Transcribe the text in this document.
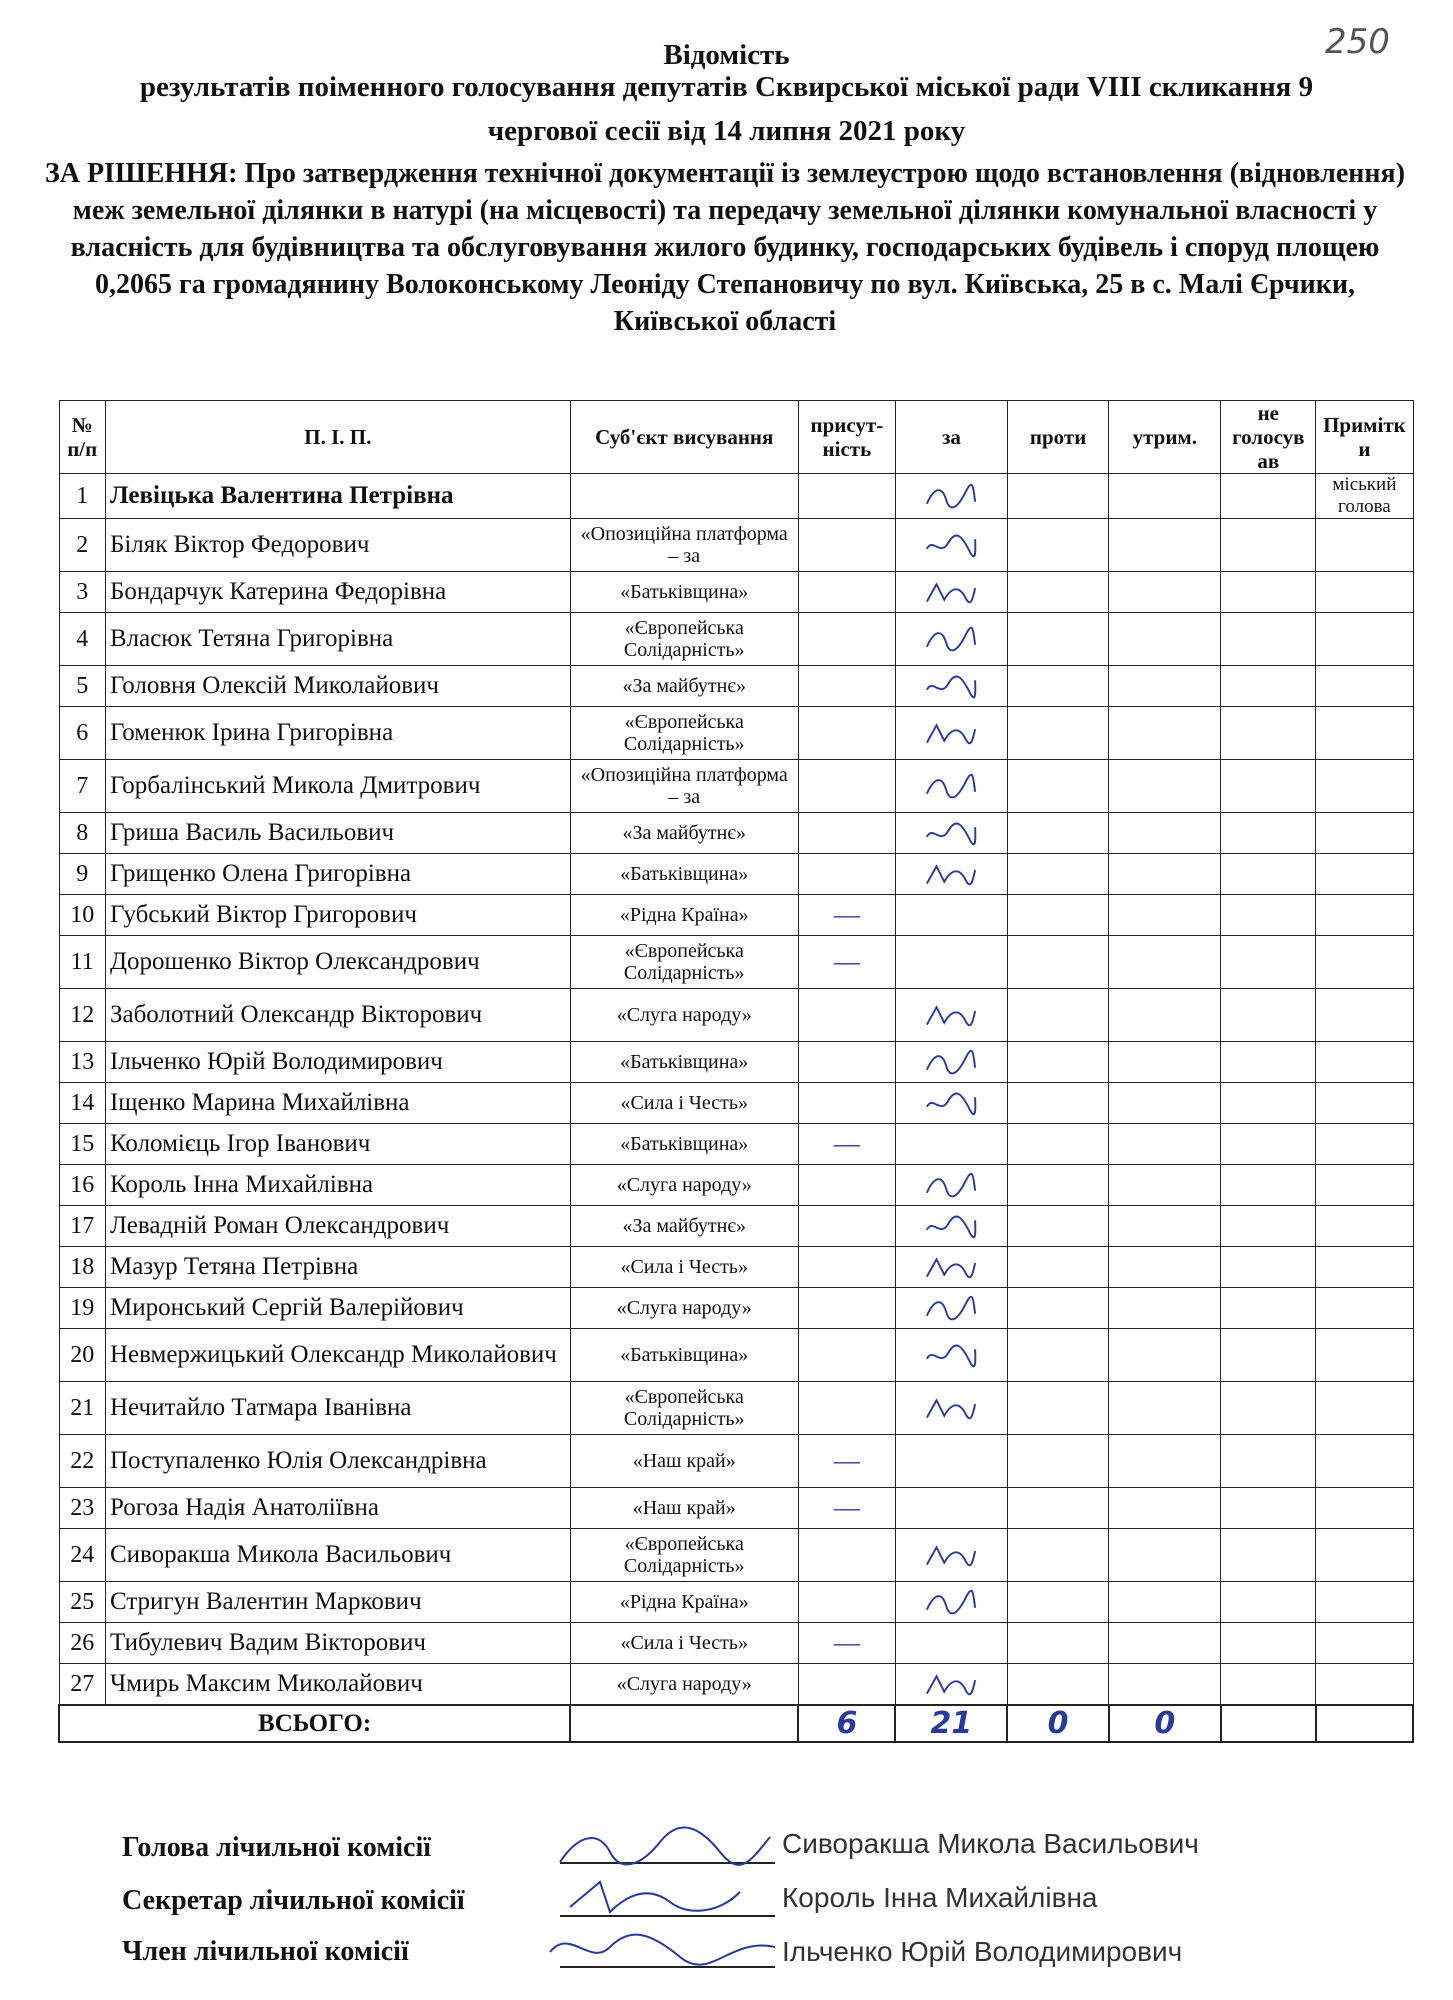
250
Відомість
результатів поіменного голосування депутатів Сквирської міської ради VIII скликання 9
чергової сесії від 14 липня 2021 року
ЗА РІШЕННЯ: Про затвердження технічної документації із землеустрою щодо встановлення (відновлення) меж земельної ділянки в натурі (на місцевості) та передачу земельної ділянки комунальної власності у власність для будівництва та обслуговування жилого будинку, господарських будівель і споруд площею 0,2065 га громадянину Волоконському Леоніду Степановичу по вул. Київська, 25 в с. Малі Єрчики, Київської області
№ п/п	П. І. П.	Суб'єкт висування	присут-ність	за	проти	утрим.	не голосув ав	Примітк и
1	Левіцька Валентина Петрівна							міський голова
2	Біляк Віктор Федорович	«Опозиційна платформа – за						
3	Бондарчук Катерина Федорівна	«Батьківщина»						
4	Власюк Тетяна Григорівна	«Європейська Солідарність»						
5	Головня Олексій Миколайович	«За майбутнє»						
6	Гоменюк Ірина Григорівна	«Європейська Солідарність»						
7	Горбалінський Микола Дмитрович	«Опозиційна платформа – за						
8	Гриша Василь Васильович	«За майбутнє»						
9	Грищенко Олена Григорівна	«Батьківщина»						
10	Губський Віктор Григорович	«Рідна Країна»	—					
11	Дорошенко Віктор Олександрович	«Європейська Солідарність»	—					
12	Заболотний Олександр Вікторович	«Слуга народу»						
13	Ільченко Юрій Володимирович	«Батьківщина»						
14	Іщенко Марина Михайлівна	«Сила і Честь»						
15	Коломієць Ігор Іванович	«Батьківщина»	—					
16	Король Інна Михайлівна	«Слуга народу»						
17	Левадній Роман Олександрович	«За майбутнє»						
18	Мазур Тетяна Петрівна	«Сила і Честь»						
19	Миронський Сергій Валерійович	«Слуга народу»						
20	Невмержицький Олександр Миколайович	«Батьківщина»						
21	Нечитайло Татмара Іванівна	«Європейська Солідарність»						
22	Поступаленко Юлія Олександрівна	«Наш край»	—					
23	Рогоза Надія Анатоліївна	«Наш край»	—					
24	Сиворакша Микола Васильович	«Європейська Солідарність»						
25	Стригун Валентин Маркович	«Рідна Країна»						
26	Тибулевич Вадим Вікторович	«Сила і Честь»	—					
27	Чмирь Максим Миколайович	«Слуга народу»						
ВСЬОГО:			6	21	0	0		
Голова лічильної комісії	Сиворакша Микола Васильович
Секретар лічильної комісії	Король Інна Михайлівна
Член лічильної комісії	Ільченко Юрій Володимирович
